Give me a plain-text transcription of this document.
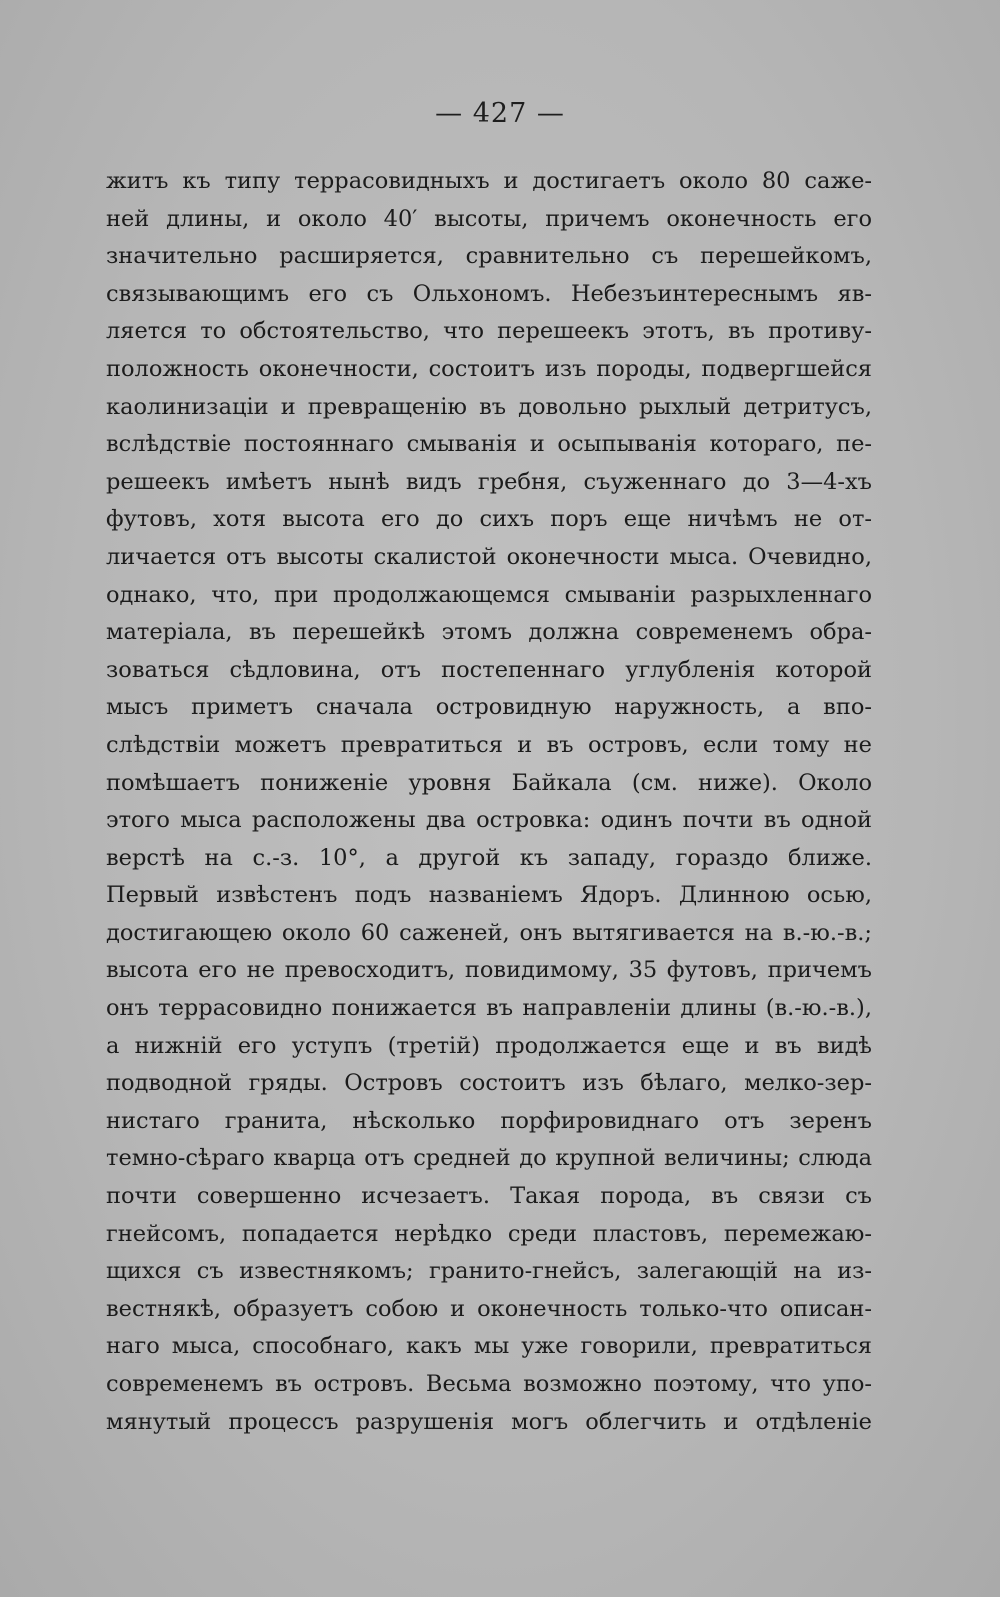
— 427 —
житъ къ типу террасовидныхъ и достигаетъ около 80 саже-
ней длины, и около 40′ высоты, причемъ оконечность его
значительно расширяется, сравнительно съ перешейкомъ,
связывающимъ его съ Ольхономъ. Небезъинтереснымъ яв-
ляется то обстоятельство, что перешеекъ этотъ, въ противу-
положность оконечности, состоитъ изъ породы, подвергшейся
каолинизаціи и превращенію въ довольно рыхлый детритусъ,
вслѣдствіе постояннаго смыванія и осыпыванія котораго, пе-
решеекъ имѣетъ нынѣ видъ гребня, съуженнаго до 3—4-хъ
футовъ, хотя высота его до сихъ поръ еще ничѣмъ не от-
личается отъ высоты скалистой оконечности мыса. Очевидно,
однако, что, при продолжающемся смываніи разрыхленнаго
матеріала, въ перешейкѣ этомъ должна современемъ обра-
зоваться сѣдловина, отъ постепеннаго углубленія которой
мысъ приметъ сначала островидную наружность, а впо-
слѣдствіи можетъ превратиться и въ островъ, если тому не
помѣшаетъ пониженіе уровня Байкала (см. ниже). Около
этого мыса расположены два островка: одинъ почти въ одной
верстѣ на с.-з. 10°, а другой къ западу, гораздо ближе.
Первый извѣстенъ подъ названіемъ Ядоръ. Длинною осью,
достигающею около 60 саженей, онъ вытягивается на в.-ю.-в.;
высота его не превосходитъ, повидимому, 35 футовъ, причемъ
онъ террасовидно понижается въ направленіи длины (в.-ю.-в.),
а нижній его уступъ (третій) продолжается еще и въ видѣ
подводной гряды. Островъ состоитъ изъ бѣлаго, мелко-зер-
нистаго гранита, нѣсколько порфировиднаго отъ зеренъ
темно-сѣраго кварца отъ средней до крупной величины; слюда
почти совершенно исчезаетъ. Такая порода, въ связи съ
гнейсомъ, попадается нерѣдко среди пластовъ, перемежаю-
щихся съ известнякомъ; гранито-гнейсъ, залегающій на из-
вестнякѣ, образуетъ собою и оконечность только-что описан-
наго мыса, способнаго, какъ мы уже говорили, превратиться
современемъ въ островъ. Весьма возможно поэтому, что упо-
мянутый процессъ разрушенія могъ облегчить и отдѣленіе
